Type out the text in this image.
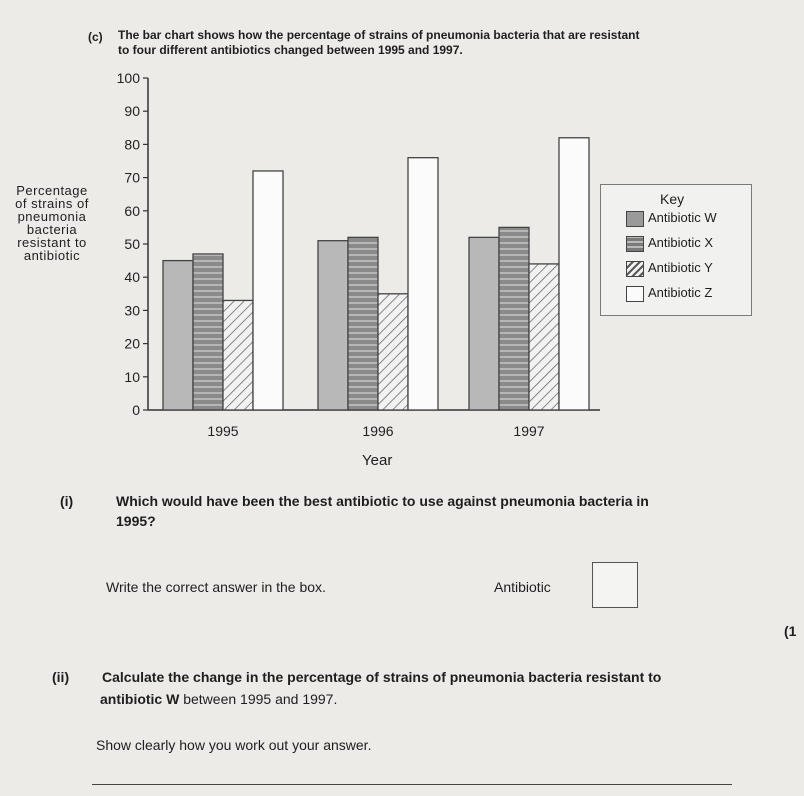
(c) The bar chart shows how the percentage of strains of pneumonia bacteria that are resistant
to four different antibiotics changed between 1995 and 1997.
Percentage
of strains of
pneumonia
bacteria
resistant to
antibiotic
0
10
20
30
40
50
60
70
80
90
100
1995	1996	1997
Key
Antibiotic W
Antibiotic X
Antibiotic Y
Antibiotic Z
Year
(i)	Which would have been the best antibiotic to use against pneumonia bacteria in
1995?
Write the correct answer in the box.	Antibiotic
(1
(ii) Calculate the change in the percentage of strains of pneumonia bacteria resistant to
antibiotic W between 1995 and 1997.
Show clearly how you work out your answer.
